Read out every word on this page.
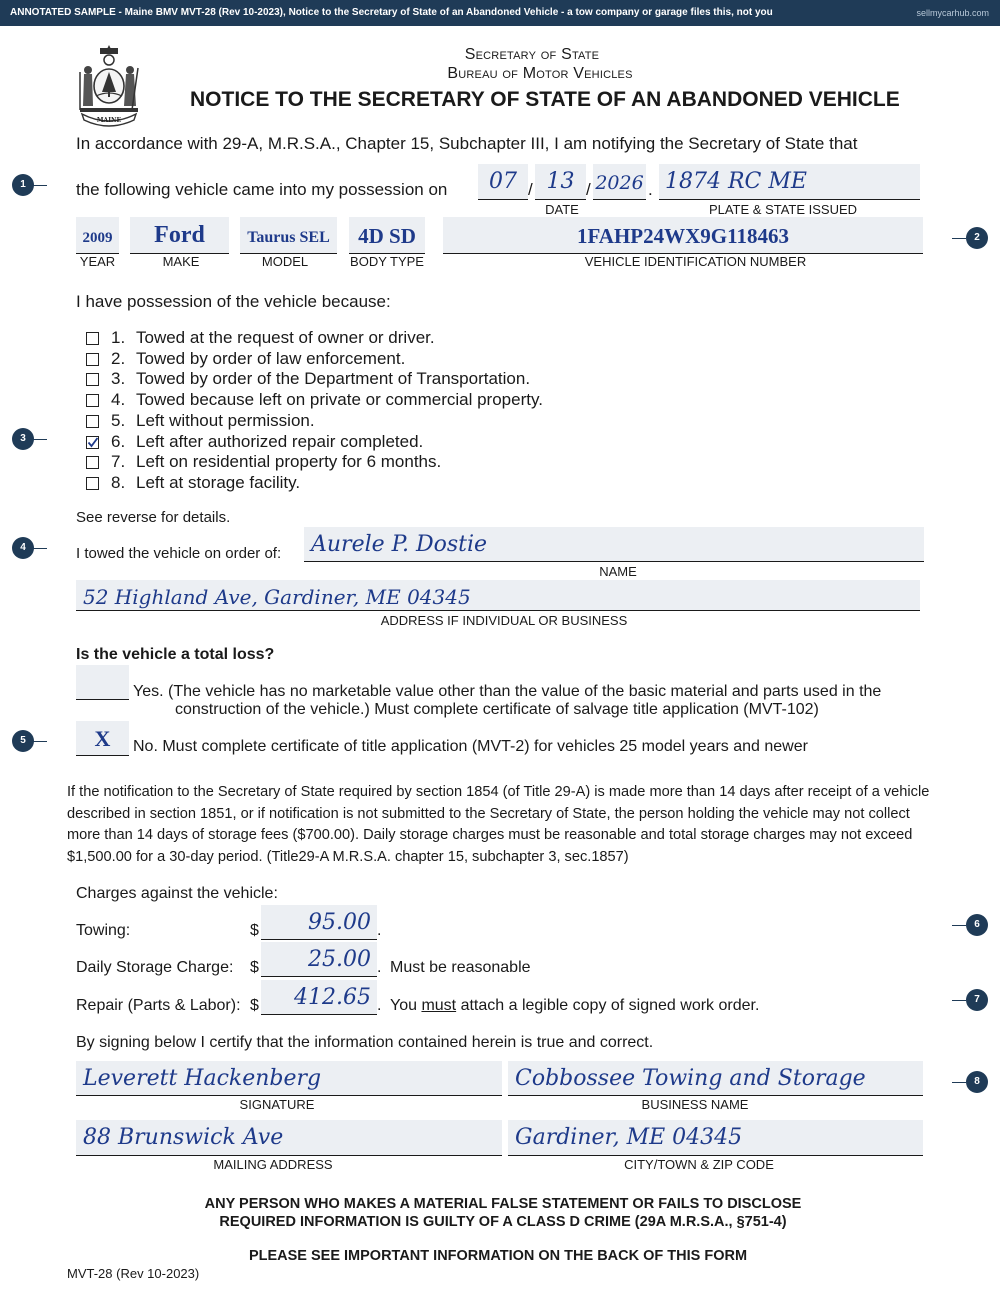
ANNOTATED SAMPLE - Maine BMV MVT-28 (Rev 10-2023), Notice to the Secretary of State of an Abandoned Vehicle - a tow company or garage files this, not you	sellmycarhub.com
MAINE
Secretary of State
Bureau of Motor Vehicles
NOTICE TO THE SECRETARY OF STATE OF AN ABANDONED VEHICLE
In accordance with 29-A, M.R.S.A., Chapter 15, Subchapter III, I am notifying the Secretary of State that
the following vehicle came into my possession on	07 / 13 / 2026 .
DATE
1874 RC ME
PLATE & STATE ISSUED
2009
YEAR
Ford
MAKE
Taurus SEL
MODEL
4D SD
BODY TYPE
1FAHP24WX9G118463
VEHICLE IDENTIFICATION NUMBER
I have possession of the vehicle because:
1. Towed at the request of owner or driver.
2. Towed by order of law enforcement.
3. Towed by order of the Department of Transportation.
4. Towed because left on private or commercial property.
5. Left without permission.
6. Left after authorized repair completed.
7. Left on residential property for 6 months.
8. Left at storage facility.
See reverse for details.
I towed the vehicle on order of:	Aurele P. Dostie
NAME
52 Highland Ave, Gardiner, ME 04345
ADDRESS IF INDIVIDUAL OR BUSINESS
Is the vehicle a total loss?
Yes. (The vehicle has no marketable value other than the value of the basic material and parts used in the
construction of the vehicle.) Must complete certificate of salvage title application (MVT-102)
X	No. Must complete certificate of title application (MVT-2) for vehicles 25 model years and newer
If the notification to the Secretary of State required by section 1854 (of Title 29-A) is made more than 14 days after receipt of a vehicle
described in section 1851, or if notification is not submitted to the Secretary of State, the person holding the vehicle may not collect
more than 14 days of storage fees ($700.00). Daily storage charges must be reasonable and total storage charges may not exceed
$1,500.00 for a 30-day period. (Title29-A M.R.S.A. chapter 15, subchapter 3, sec.1857)
Charges against the vehicle:
Towing:	$	95.00 .
Daily Storage Charge: $	25.00 . Must be reasonable
Repair (Parts & Labor): $	412.65 . You must attach a legible copy of signed work order.
By signing below I certify that the information contained herein is true and correct.
Leverett Hackenberg
SIGNATURE
Cobbossee Towing and Storage
BUSINESS NAME
88 Brunswick Ave
MAILING ADDRESS
Gardiner, ME 04345
CITY/TOWN & ZIP CODE
ANY PERSON WHO MAKES A MATERIAL FALSE STATEMENT OR FAILS TO DISCLOSE
REQUIRED INFORMATION IS GUILTY OF A CLASS D CRIME (29A M.R.S.A., §751-4)
PLEASE SEE IMPORTANT INFORMATION ON THE BACK OF THIS FORM
MVT-28 (Rev 10-2023)
1
2
3
4
5
6
7
8
